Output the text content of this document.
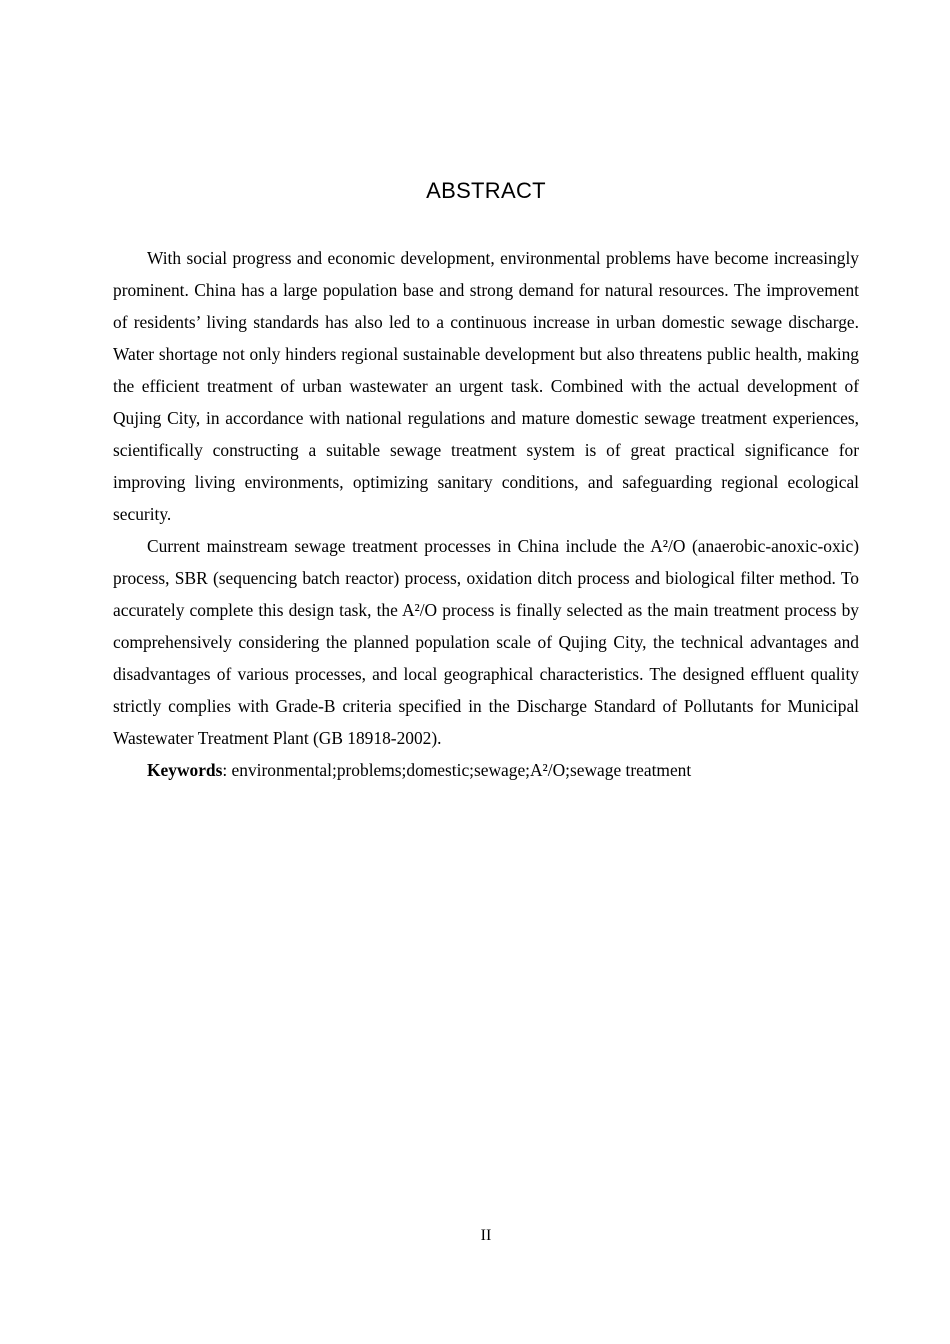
ABSTRACT

With social progress and economic development, environmental problems have become increasingly prominent. China has a large population base and strong demand for natural resources. The improvement of residents’ living standards has also led to a continuous increase in urban domestic sewage discharge. Water shortage not only hinders regional sustainable development but also threatens public health, making the efficient treatment of urban wastewater an urgent task. Combined with the actual development of Qujing City, in accordance with national regulations and mature domestic sewage treatment experiences, scientifically constructing a suitable sewage treatment system is of great practical significance for improving living environments, optimizing sanitary conditions, and safeguarding regional ecological security.

Current mainstream sewage treatment processes in China include the A²/O (anaerobic-anoxic-oxic) process, SBR (sequencing batch reactor) process, oxidation ditch process and biological filter method. To accurately complete this design task, the A²/O process is finally selected as the main treatment process by comprehensively considering the planned population scale of Qujing City, the technical advantages and disadvantages of various processes, and local geographical characteristics. The designed effluent quality strictly complies with Grade-B criteria specified in the Discharge Standard of Pollutants for Municipal Wastewater Treatment Plant (GB 18918-2002).

Keywords: environmental;problems;domestic;sewage;A²/O;sewage treatment

II
